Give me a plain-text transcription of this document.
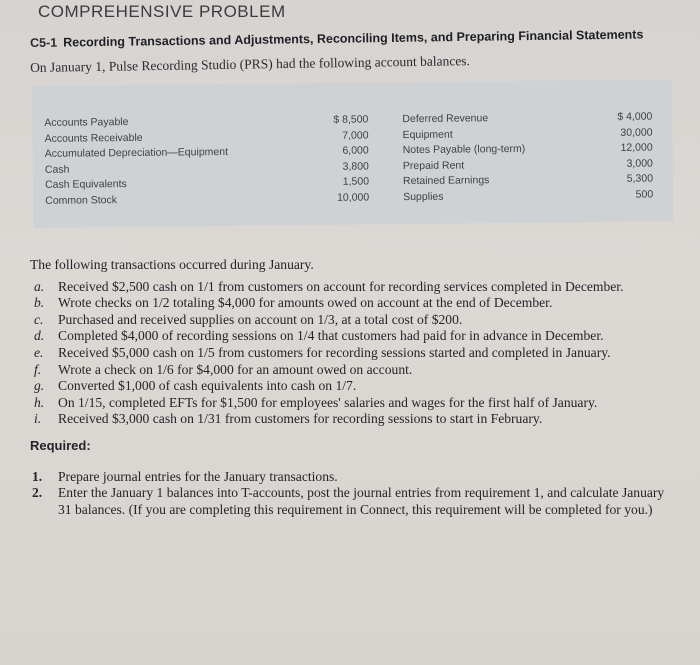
COMPREHENSIVE PROBLEM
C5-1 Recording Transactions and Adjustments, Reconciling Items, and Preparing Financial Statements
On January 1, Pulse Recording Studio (PRS) had the following account balances.
Accounts Payable
Accounts Receivable
Accumulated Depreciation—Equipment
Cash
Cash Equivalents
Common Stock
$ 8,500
7,000
6,000
3,800
1,500
10,000
Deferred Revenue
Equipment
Notes Payable (long-term)
Prepaid Rent
Retained Earnings
Supplies
$ 4,000
30,000
12,000
3,000
5,300
500

The following transactions occurred during January.

a. Received $2,500 cash on 1/1 from customers on account for recording services completed in December.

b. Wrote checks on 1/2 totaling $4,000 for amounts owed on account at the end of December.

c. Purchased and received supplies on account on 1/3, at a total cost of $200.

d. Completed $4,000 of recording sessions on 1/4 that customers had paid for in advance in December.

e. Received $5,000 cash on 1/5 from customers for recording sessions started and completed in January.

f. Wrote a check on 1/6 for $4,000 for an amount owed on account.

g. Converted $1,000 of cash equivalents into cash on 1/7.

h. On 1/15, completed EFTs for $1,500 for employees' salaries and wages for the first half of January.

i. Received $3,000 cash on 1/31 from customers for recording sessions to start in February.

Required:

1. Prepare journal entries for the January transactions.

2. Enter the January 1 balances into T-accounts, post the journal entries from requirement 1, and calculate January 31 balances. (If you are completing this requirement in Connect, this requirement will be completed for you.)
